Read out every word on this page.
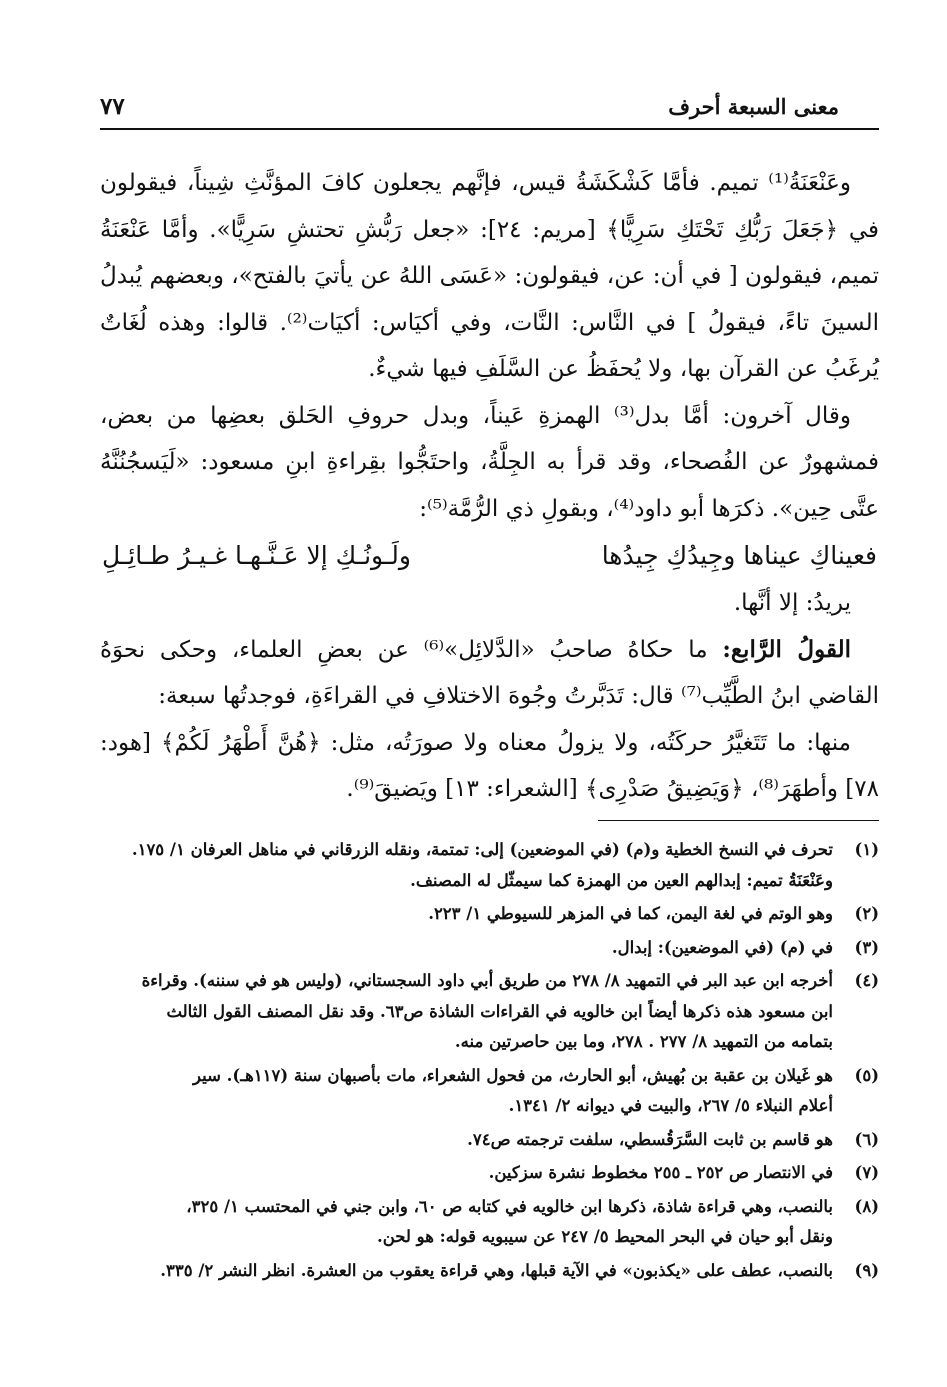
معنى السبعة أحرف
٧٧

وعَنْعَنَةُ⁽¹⁾ تميم. فأمَّا كَشْكَشَةُ قيس، فإنَّهم يجعلون كافَ المؤنَّثِ شِيناً، فيقولون في ﴿جَعَلَ رَبُّكِ تَحْتَكِ سَرِيًّا﴾ [مريم: ٢٤]: «جعل رَبُّشِ تحتشِ سَرِيًّا». وأمَّا عَنْعَنَةُ تميم، فيقولون [ في أن: عن، فيقولون: «عَسَى اللهُ عن يأتيَ بالفتح»، وبعضهم يُبدلُ السينَ تاءً، فيقولُ ] في النَّاس: النَّات، وفي أكيَاس: أكيَات⁽²⁾. قالوا: وهذه لُغَاتٌ يُرغَبُ عن القرآن بها، ولا يُحفَظُ عن السَّلَفِ فيها شيءٌ.

وقال آخرون: أمَّا بدل⁽³⁾ الهمزةِ عَيناً، وبدل حروفِ الحَلق بعضِها من بعض، فمشهورٌ عن الفُصحاء، وقد قرأ به الجِلَّةُ، واحتَجُّوا بقِراءةِ ابنِ مسعود: «لَيَسجُنُنَّهُ عتَّى حِين». ذكرَها أبو داود⁽⁴⁾، وبقولِ ذي الرُّمَّة⁽⁵⁾:

فعيناكِ عيناها وجِيدُكِ جِيدُها
ولَـونُـكِ إلا عَـنَّـهـا غـيـرُ طـائِـلِ

يريدُ: إلا أنَّها.

القولُ الرَّابع: ما حكاهُ صاحبُ «الدَّلائِل»⁽⁶⁾ عن بعضِ العلماء، وحكى نحوَهُ القاضي ابنُ الطَّيِّب⁽⁷⁾ قال: تَدَبَّرتُ وجُوهَ الاختلافِ في القراءَةِ، فوجدتُها سبعة:

منها: ما تَتَغيَّرُ حركَتُه، ولا يزولُ معناه ولا صورَتُه، مثل: ﴿هُنَّ أَطْهَرُ لَكُمْ﴾ [هود: ٧٨] وأطهَرَ⁽⁸⁾، ﴿وَيَضِيقُ صَدْرِى﴾ [الشعراء: ١٣] ويَضيقَ⁽⁹⁾.

(١)
تحرف في النسخ الخطية و(م) (في الموضعين) إلى: تمتمة، ونقله الزرقاني في مناهل العرفان ١/ ١٧٥.
وعَنْعَنَةُ تميم: إبدالهم العين من الهمزة كما سيمثّل له المصنف.
(٢)
وهو الوتم في لغة اليمن، كما في المزهر للسيوطي ١/ ٢٢٣.
(٣)
في (م) (في الموضعين): إبدال.
(٤)
أخرجه ابن عبد البر في التمهيد ٨/ ٢٧٨ من طريق أبي داود السجستاني، (وليس هو في سننه). وقراءة
ابن مسعود هذه ذكرها أيضاً ابن خالويه في القراءات الشاذة ص٦٣. وقد نقل المصنف القول الثالث
بتمامه من التمهيد ٨/ ٢٧٧ . ٢٧٨، وما بين حاصرتين منه.
(٥)
هو غَيلان بن عقبة بن بُهيش، أبو الحارث، من فحول الشعراء، مات بأصبهان سنة (١١٧هـ). سير
أعلام النبلاء ٥/ ٢٦٧، والبيت في ديوانه ٢/ ١٣٤١.
(٦)
هو قاسم بن ثابت السَّرَقُسطي، سلفت ترجمته ص٧٤.
(٧)
في الانتصار ص ٢٥٢ ـ ٢٥٥ مخطوط نشرة سزكين.
(٨)
بالنصب، وهي قراءة شاذة، ذكرها ابن خالويه في كتابه ص ٦٠، وابن جني في المحتسب ١/ ٣٢٥،
ونقل أبو حيان في البحر المحيط ٥/ ٢٤٧ عن سيبويه قوله: هو لحن.
(٩)
بالنصب، عطف على «يكذبون» في الآية قبلها، وهي قراءة يعقوب من العشرة. انظر النشر ٢/ ٣٣٥.
